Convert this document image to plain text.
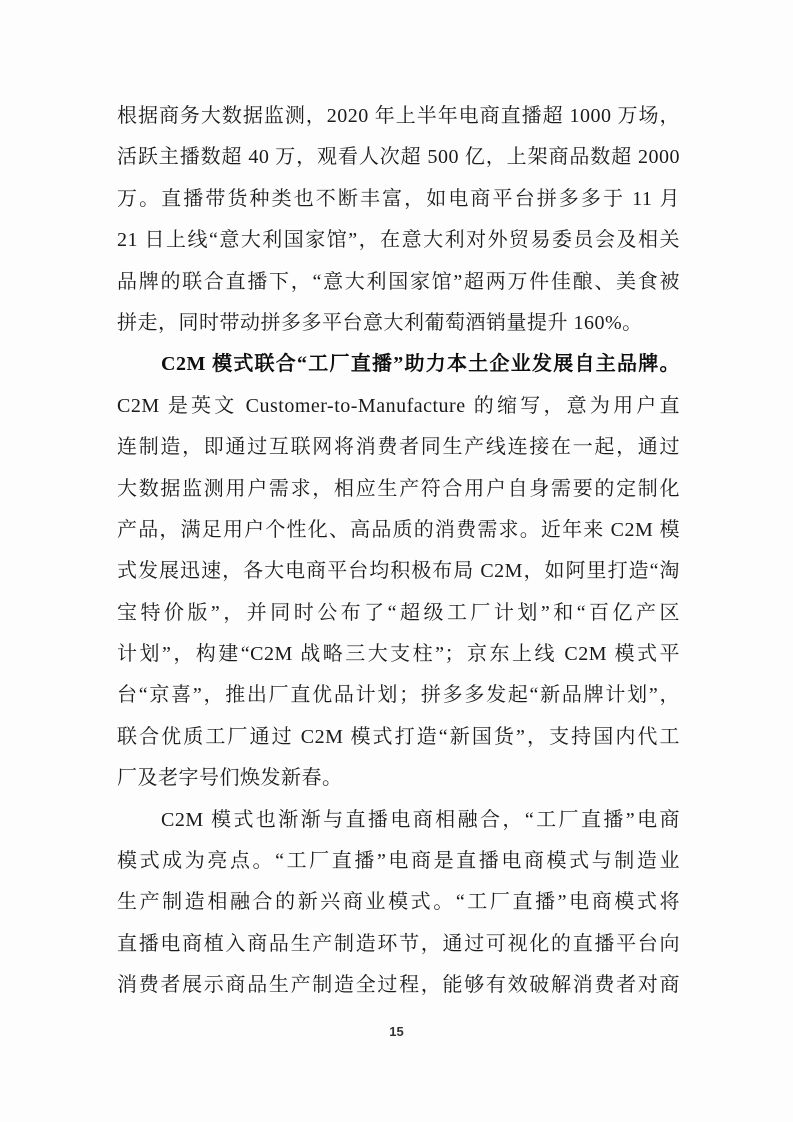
根据商务大数据监测，2020 年上半年电商直播超 1000 万场，
活跃主播数超 40 万，观看人次超 500 亿，上架商品数超 2000
万。直播带货种类也不断丰富，如电商平台拼多多于 11 月
21 日上线“意大利国家馆”，在意大利对外贸易委员会及相关
品牌的联合直播下，“意大利国家馆”超两万件佳酿、美食被
拼走，同时带动拼多多平台意大利葡萄酒销量提升 160%。
C2M 模式联合“工厂直播”助力本土企业发展自主品牌。
C2M 是英文 Customer-to-Manufacture 的缩写，意为用户直
连制造，即通过互联网将消费者同生产线连接在一起，通过
大数据监测用户需求，相应生产符合用户自身需要的定制化
产品，满足用户个性化、高品质的消费需求。近年来 C2M 模
式发展迅速，各大电商平台均积极布局 C2M，如阿里打造“淘
宝特价版”，并同时公布了“超级工厂计划”和“百亿产区
计划”，构建“C2M 战略三大支柱”；京东上线 C2M 模式平
台“京喜”，推出厂直优品计划；拼多多发起“新品牌计划”，
联合优质工厂通过 C2M 模式打造“新国货”，支持国内代工
厂及老字号们焕发新春。
C2M 模式也渐渐与直播电商相融合，“工厂直播”电商
模式成为亮点。“工厂直播”电商是直播电商模式与制造业
生产制造相融合的新兴商业模式。“工厂直播”电商模式将
直播电商植入商品生产制造环节，通过可视化的直播平台向
消费者展示商品生产制造全过程，能够有效破解消费者对商
15
